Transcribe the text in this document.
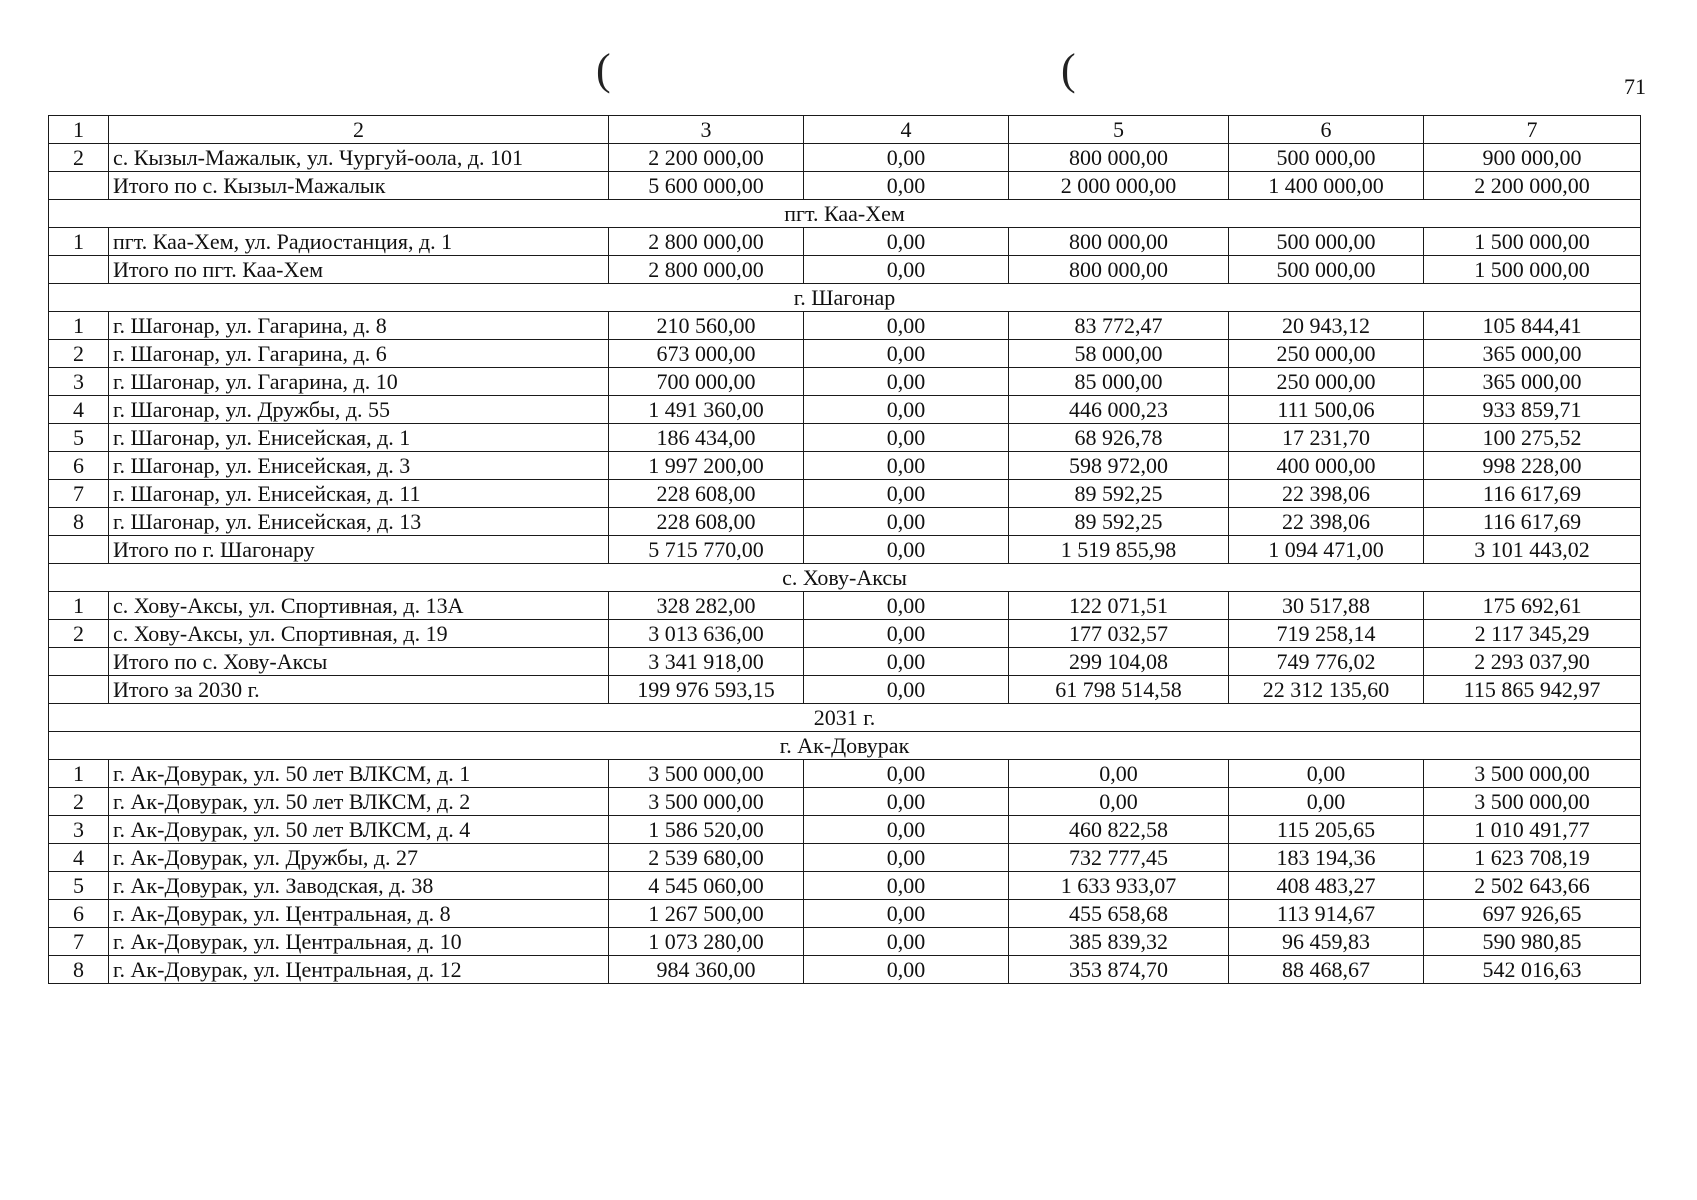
(	(	71
1	2	3	4	5	6	7
2	с. Кызыл-Мажалык, ул. Чургуй-оола, д. 101	2 200 000,00	0,00	800 000,00	500 000,00	900 000,00
	Итого по с. Кызыл-Мажалык	5 600 000,00	0,00	2 000 000,00	1 400 000,00	2 200 000,00
пгт. Каа-Хем						
1	пгт. Каа-Хем, ул. Радиостанция, д. 1	2 800 000,00	0,00	800 000,00	500 000,00	1 500 000,00
	Итого по пгт. Каа-Хем	2 800 000,00	0,00	800 000,00	500 000,00	1 500 000,00
г. Шагонар						
1	г. Шагонар, ул. Гагарина, д. 8	210 560,00	0,00	83 772,47	20 943,12	105 844,41
2	г. Шагонар, ул. Гагарина, д. 6	673 000,00	0,00	58 000,00	250 000,00	365 000,00
3	г. Шагонар, ул. Гагарина, д. 10	700 000,00	0,00	85 000,00	250 000,00	365 000,00
4	г. Шагонар, ул. Дружбы, д. 55	1 491 360,00	0,00	446 000,23	111 500,06	933 859,71
5	г. Шагонар, ул. Енисейская, д. 1	186 434,00	0,00	68 926,78	17 231,70	100 275,52
6	г. Шагонар, ул. Енисейская, д. 3	1 997 200,00	0,00	598 972,00	400 000,00	998 228,00
7	г. Шагонар, ул. Енисейская, д. 11	228 608,00	0,00	89 592,25	22 398,06	116 617,69
8	г. Шагонар, ул. Енисейская, д. 13	228 608,00	0,00	89 592,25	22 398,06	116 617,69
	Итого по г. Шагонару	5 715 770,00	0,00	1 519 855,98	1 094 471,00	3 101 443,02
с. Хову-Аксы						
1	с. Хову-Аксы, ул. Спортивная, д. 13А	328 282,00	0,00	122 071,51	30 517,88	175 692,61
2	с. Хову-Аксы, ул. Спортивная, д. 19	3 013 636,00	0,00	177 032,57	719 258,14	2 117 345,29
	Итого по с. Хову-Аксы	3 341 918,00	0,00	299 104,08	749 776,02	2 293 037,90
	Итого за 2030 г.	199 976 593,15	0,00	61 798 514,58	22 312 135,60	115 865 942,97
2031 г.						
г. Ак-Довурак						
1	г. Ак-Довурак, ул. 50 лет ВЛКСМ, д. 1	3 500 000,00	0,00	0,00	0,00	3 500 000,00
2	г. Ак-Довурак, ул. 50 лет ВЛКСМ, д. 2	3 500 000,00	0,00	0,00	0,00	3 500 000,00
3	г. Ак-Довурак, ул. 50 лет ВЛКСМ, д. 4	1 586 520,00	0,00	460 822,58	115 205,65	1 010 491,77
4	г. Ак-Довурак, ул. Дружбы, д. 27	2 539 680,00	0,00	732 777,45	183 194,36	1 623 708,19
5	г. Ак-Довурак, ул. Заводская, д. 38	4 545 060,00	0,00	1 633 933,07	408 483,27	2 502 643,66
6	г. Ак-Довурак, ул. Центральная, д. 8	1 267 500,00	0,00	455 658,68	113 914,67	697 926,65
7	г. Ак-Довурак, ул. Центральная, д. 10	1 073 280,00	0,00	385 839,32	96 459,83	590 980,85
8	г. Ак-Довурак, ул. Центральная, д. 12	984 360,00	0,00	353 874,70	88 468,67	542 016,63
